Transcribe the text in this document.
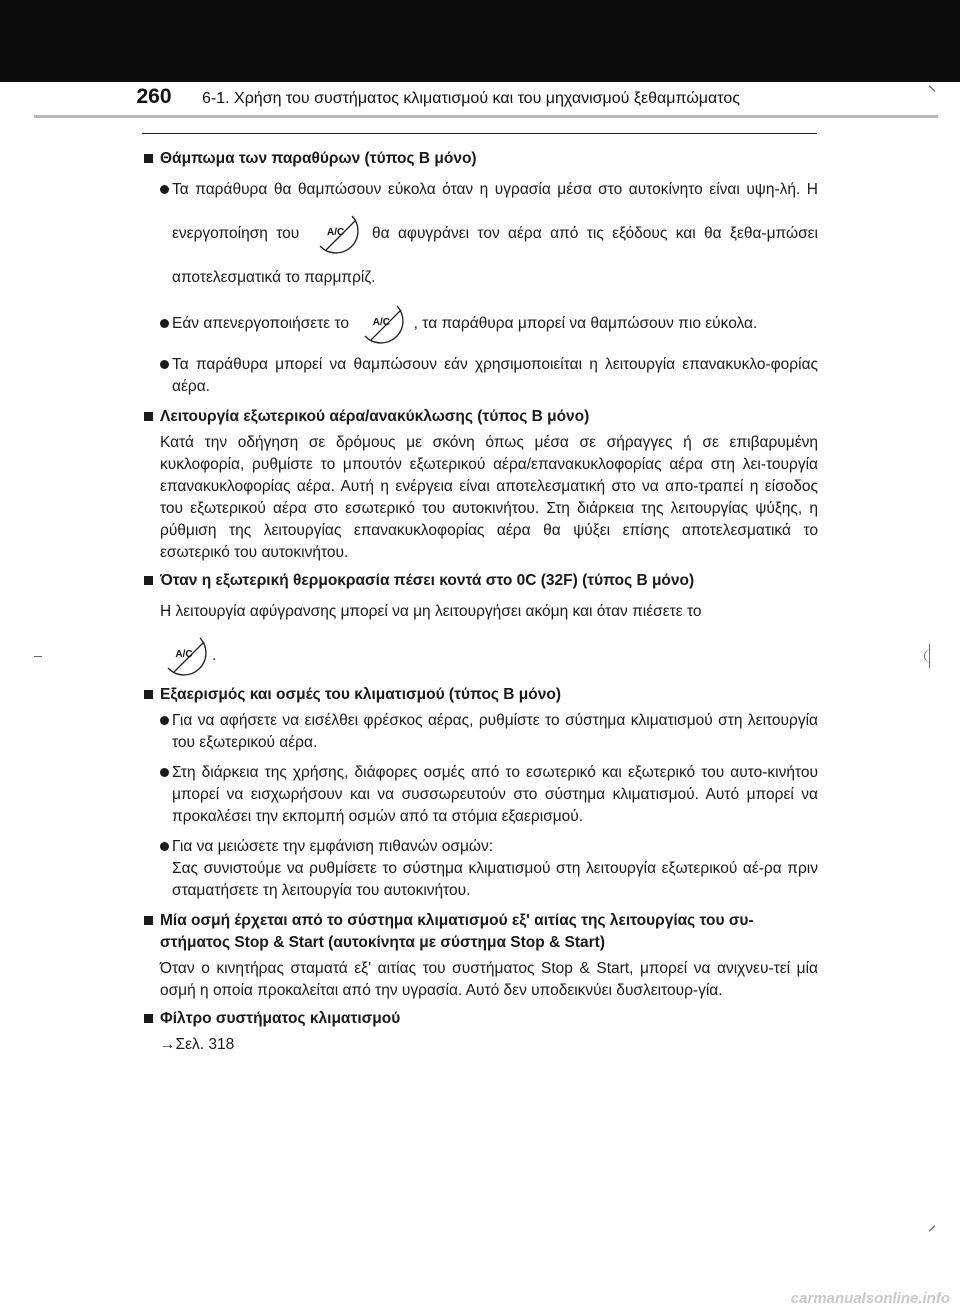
260	6-1. Χρήση του συστήματος κλιματισμού και του μηχανισμού ξεθαμπώματος
Θάμπωμα των παραθύρων (τύπος B μόνο)
Τα παράθυρα θα θαμπώσουν εύκολα όταν η υγρασία μέσα στο αυτοκίνητο είναι υψη-λή. Η ενεργοποίηση του	A/C	θα αφυγράνει τον αέρα από τις εξόδους και θα ξεθα-μπώσει αποτελεσματικά το παρμπρίζ.
Εάν απενεργοποιήσετε το	A/C	, τα παράθυρα μπορεί να θαμπώσουν πιο εύκολα.
Τα παράθυρα μπορεί να θαμπώσουν εάν χρησιμοποιείται η λειτουργία επανακυκλο-φορίας αέρα.
Λειτουργία εξωτερικού αέρα/ανακύκλωσης (τύπος B μόνο)
Κατά την οδήγηση σε δρόμους με σκόνη όπως μέσα σε σήραγγες ή σε επιβαρυμένη κυκλοφορία, ρυθμίστε το μπουτόν εξωτερικού αέρα/επανακυκλοφορίας αέρα στη λει-τουργία επανακυκλοφορίας αέρα. Αυτή η ενέργεια είναι αποτελεσματική στο να απο-τραπεί η είσοδος του εξωτερικού αέρα στο εσωτερικό του αυτοκινήτου. Στη διάρκεια της λειτουργίας ψύξης, η ρύθμιση της λειτουργίας επανακυκλοφορίας αέρα θα ψύξει επίσης αποτελεσματικά το εσωτερικό του αυτοκινήτου.
Όταν η εξωτερική θερμοκρασία πέσει κοντά στο 0C (32F) (τύπος B μόνο)
Η λειτουργία αφύγρανσης μπορεί να μη λειτουργήσει ακόμη και όταν πιέσετε το

A/C	.
Εξαερισμός και οσμές του κλιματισμού (τύπος B μόνο)
Για να αφήσετε να εισέλθει φρέσκος αέρας, ρυθμίστε το σύστημα κλιματισμού στη λειτουργία του εξωτερικού αέρα.
Στη διάρκεια της χρήσης, διάφορες οσμές από το εσωτερικό και εξωτερικό του αυτο-κινήτου μπορεί να εισχωρήσουν και να συσσωρευτούν στο σύστημα κλιματισμού. Αυτό μπορεί να προκαλέσει την εκπομπή οσμών από τα στόμια εξαερισμού.
Για να μειώσετε την εμφάνιση πιθανών οσμών:
Σας συνιστούμε να ρυθμίσετε το σύστημα κλιματισμού στη λειτουργία εξωτερικού αέ-ρα πριν σταματήσετε τη λειτουργία του αυτοκινήτου.
Μία οσμή έρχεται από το σύστημα κλιματισμού εξ' αιτίας της λειτουργίας του συ-στήματος Stop & Start (αυτοκίνητα με σύστημα Stop & Start)
Όταν ο κινητήρας σταματά εξ' αιτίας του συστήματος Stop & Start, μπορεί να ανιχνευ-τεί μία οσμή η οποία προκαλείται από την υγρασία. Αυτό δεν υποδεικνύει δυσλειτουρ-γία.
Φίλτρο συστήματος κλιματισμού
→Σελ. 318
carmanualsonline.info
